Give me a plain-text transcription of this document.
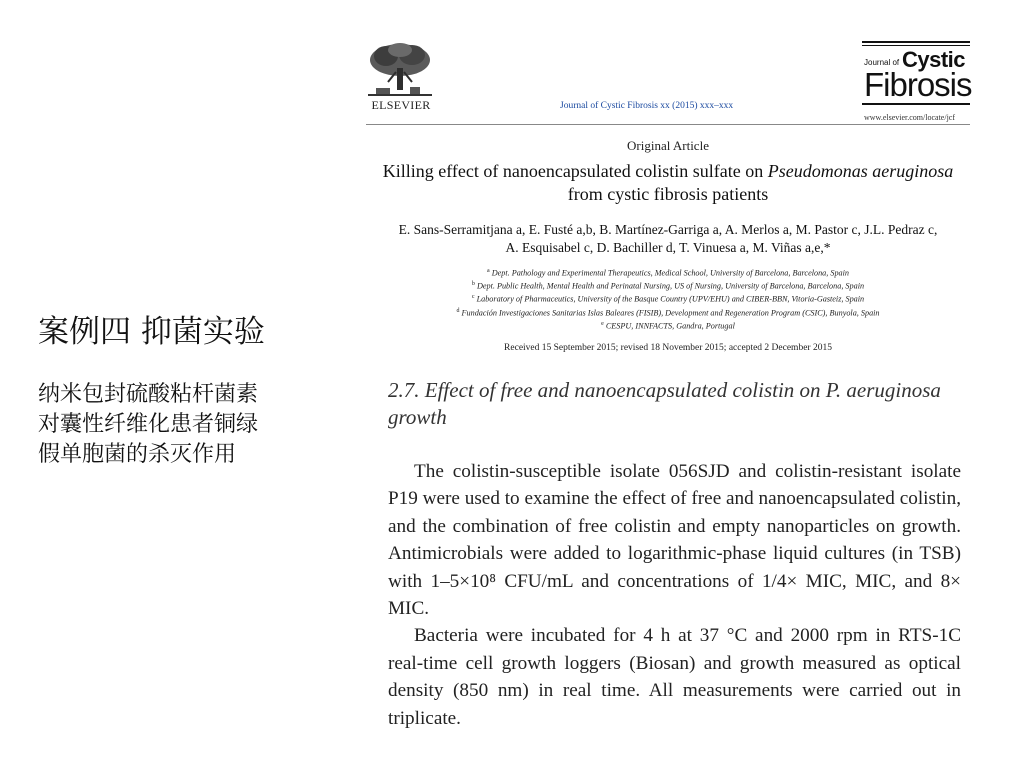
案例四 抑菌实验
纳米包封硫酸粘杆菌素
对囊性纤维化患者铜绿
假单胞菌的杀灭作用
ELSEVIER	Journal of Cystic Fibrosis xx (2015) xxx–xxx
Journal of Cystic
Fibrosis
www.elsevier.com/locate/jcf
Original Article
Killing effect of nanoencapsulated colistin sulfate on Pseudomonas aeruginosa from cystic fibrosis patients
E. Sans-Serramitjana a, E. Fusté a,b, B. Martínez-Garriga a, A. Merlos a, M. Pastor c, J.L. Pedraz c,
A. Esquisabel c, D. Bachiller d, T. Vinuesa a, M. Viñas a,e,*
$^a$ Dept. Pathology and Experimental Therapeutics, Medical School, University of Barcelona, Barcelona, Spain
$^b$ Dept. Public Health, Mental Health and Perinatal Nursing, US of Nursing, University of Barcelona, Barcelona, Spain
$^c$ Laboratory of Pharmaceutics, University of the Basque Country (UPV/EHU) and CIBER-BBN, Vitoria-Gasteiz, Spain
$^d$ Fundación Investigaciones Sanitarias Islas Baleares (FISIB), Development and Regeneration Program (CSIC), Bunyola, Spain
$^e$ CESPU, INNFACTS, Gandra, Portugal
Received 15 September 2015; revised 18 November 2015; accepted 2 December 2015
2.7. Effect of free and nanoencapsulated colistin on P. aeruginosa growth

The colistin-susceptible isolate 056SJD and colistin-resistant isolate P19 were used to examine the effect of free and nanoencapsulated colistin, and the combination of free colistin and empty nanoparticles on growth. Antimicrobials were added to logarithmic-phase liquid cultures (in TSB) with 1–5×10⁸ CFU/mL and concentrations of 1/4× MIC, MIC, and 8× MIC.

Bacteria were incubated for 4 h at 37 °C and 2000 rpm in RTS-1C real-time cell growth loggers (Biosan) and growth measured as optical density (850 nm) in real time. All measurements were carried out in triplicate.
